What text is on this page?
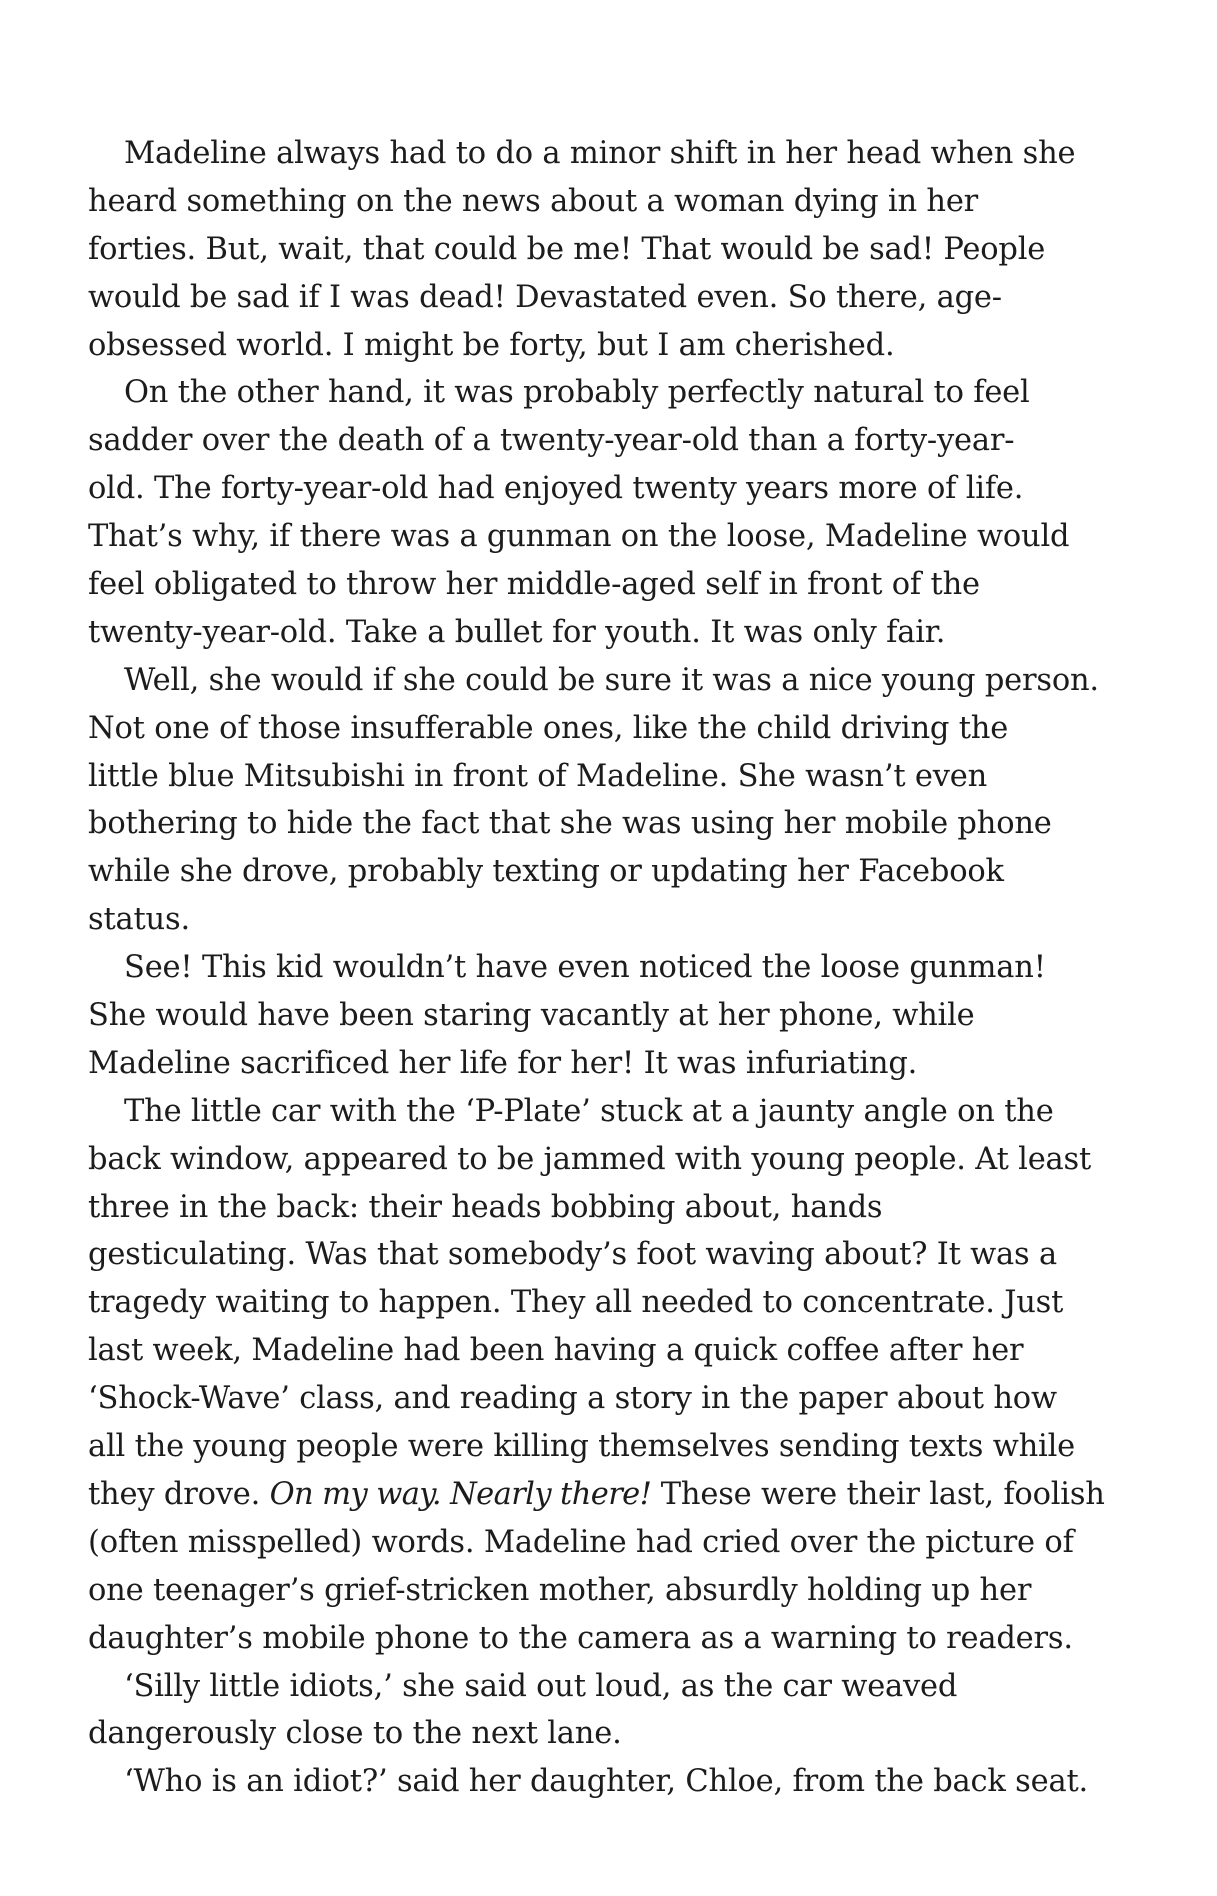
Madeline always had to do a minor shift in her head when she
heard something on the news about a woman dying in her
forties. But, wait, that could be me! That would be sad! People
would be sad if I was dead! Devastated even. So there, age-
obsessed world. I might be forty, but I am cherished.
On the other hand, it was probably perfectly natural to feel
sadder over the death of a twenty-year-old than a forty-year-
old. The forty-year-old had enjoyed twenty years more of life.
That’s why, if there was a gunman on the loose, Madeline would
feel obligated to throw her middle-aged self in front of the
twenty-year-old. Take a bullet for youth. It was only fair.
Well, she would if she could be sure it was a nice young person.
Not one of those insufferable ones, like the child driving the
little blue Mitsubishi in front of Madeline. She wasn’t even
bothering to hide the fact that she was using her mobile phone
while she drove, probably texting or updating her Facebook
status.
See! This kid wouldn’t have even noticed the loose gunman!
She would have been staring vacantly at her phone, while
Madeline sacrificed her life for her! It was infuriating.
The little car with the ‘P-Plate’ stuck at a jaunty angle on the
back window, appeared to be jammed with young people. At least
three in the back: their heads bobbing about, hands
gesticulating. Was that somebody’s foot waving about? It was a
tragedy waiting to happen. They all needed to concentrate. Just
last week, Madeline had been having a quick coffee after her
‘Shock-Wave’ class, and reading a story in the paper about how
all the young people were killing themselves sending texts while
they drove. On my way. Nearly there! These were their last, foolish
(often misspelled) words. Madeline had cried over the picture of
one teenager’s grief-stricken mother, absurdly holding up her
daughter’s mobile phone to the camera as a warning to readers.
‘Silly little idiots,’ she said out loud, as the car weaved
dangerously close to the next lane.
‘Who is an idiot?’ said her daughter, Chloe, from the back seat.
